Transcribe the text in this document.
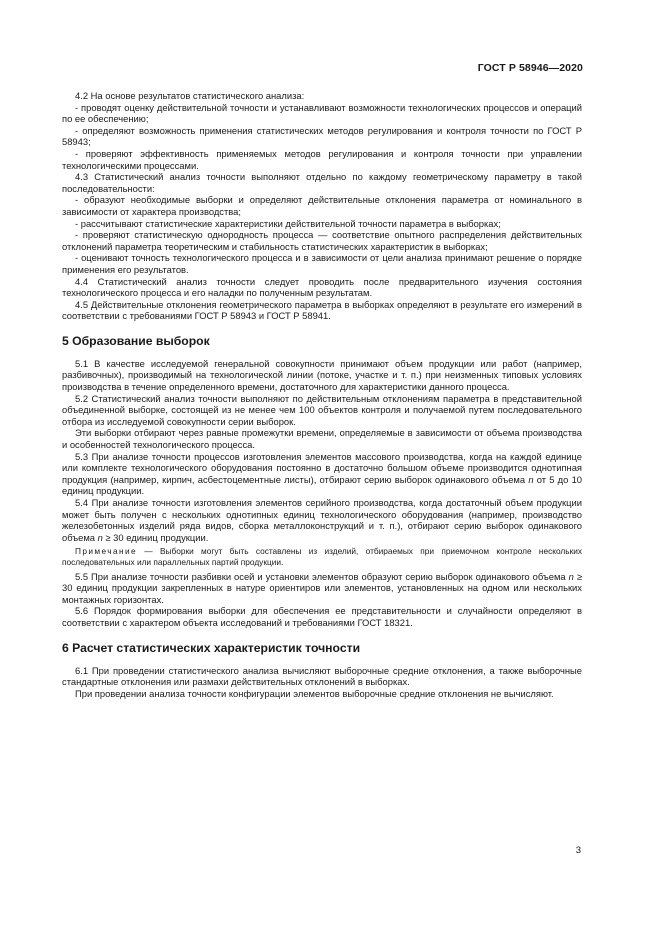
ГОСТ Р 58946—2020

4.2 На основе результатов статистического анализа:

- проводят оценку действительной точности и устанавливают возможности технологических процессов и операций по ее обеспечению;

- определяют возможность применения статистических методов регулирования и контроля точности по ГОСТ Р 58943;

- проверяют эффективность применяемых методов регулирования и контроля точности при управлении технологическими процессами.

4.3 Статистический анализ точности выполняют отдельно по каждому геометрическому параметру в такой последовательности:

- образуют необходимые выборки и определяют действительные отклонения параметра от номинального в зависимости от характера производства;

- рассчитывают статистические характеристики действительной точности параметра в выборках;

- проверяют статистическую однородность процесса — соответствие опытного распределения действительных отклонений параметра теоретическим и стабильность статистических характеристик в выборках;

- оценивают точность технологического процесса и в зависимости от цели анализа принимают решение о порядке применения его результатов.

4.4 Статистический анализ точности следует проводить после предварительного изучения состояния технологического процесса и его наладки по полученным результатам.

4.5 Действительные отклонения геометрического параметра в выборках определяют в результате его измерений в соответствии с требованиями ГОСТ Р 58943 и ГОСТ Р 58941.

5 Образование выборок

5.1 В качестве исследуемой генеральной совокупности принимают объем продукции или работ (например, разбивочных), производимый на технологической линии (потоке, участке и т. п.) при неизменных типовых условиях производства в течение определенного времени, достаточного для характеристики данного процесса.

5.2 Статистический анализ точности выполняют по действительным отклонениям параметра в представительной объединенной выборке, состоящей из не менее чем 100 объектов контроля и получаемой путем последовательного отбора из исследуемой совокупности серии выборок.

Эти выборки отбирают через равные промежутки времени, определяемые в зависимости от объема производства и особенностей технологического процесса.

5.3 При анализе точности процессов изготовления элементов массового производства, когда на каждой единице или комплекте технологического оборудования постоянно в достаточно большом объеме производится однотипная продукция (например, кирпич, асбестоцементные листы), отбирают серию выборок одинакового объема n от 5 до 10 единиц продукции.

5.4 При анализе точности изготовления элементов серийного производства, когда достаточный объем продукции может быть получен с нескольких однотипных единиц технологического оборудования (например, производство железобетонных изделий ряда видов, сборка металлоконструкций и т. п.), отбирают серию выборок одинакового объема n ≥ 30 единиц продукции.

Примечание — Выборки могут быть составлены из изделий, отбираемых при приемочном контроле нескольких последовательных или параллельных партий продукции.

5.5 При анализе точности разбивки осей и установки элементов образуют серию выборок одинакового объема n ≥ 30 единиц продукции закрепленных в натуре ориентиров или элементов, установленных на одном или нескольких монтажных горизонтах.

5.6 Порядок формирования выборки для обеспечения ее представительности и случайности определяют в соответствии с характером объекта исследований и требованиями ГОСТ 18321.

6 Расчет статистических характеристик точности

6.1 При проведении статистического анализа вычисляют выборочные средние отклонения, а также выборочные стандартные отклонения или размахи действительных отклонений в выборках.

При проведении анализа точности конфигурации элементов выборочные средние отклонения не вычисляют.

3
